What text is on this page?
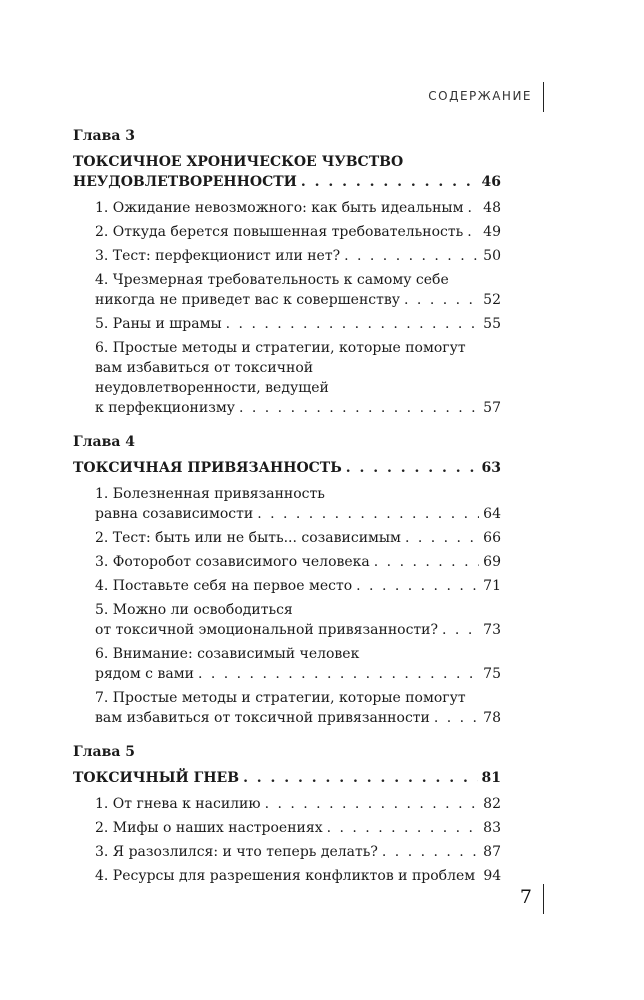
СОДЕРЖАНИЕ
Глава 3
ТОКСИЧНОЕ ХРОНИЧЕСКОЕ ЧУВСТВО
НЕУДОВЛЕТВОРЕННОСТИ . . .	46
1. Ожидание невозможного: как быть идеальным . . . 48
2. Откуда берется повышенная требовательность . . . 49
3. Тест: перфекционист или нет? . . .	50
4. Чрезмерная требовательность к самому себе
никогда не приведет вас к совершенству . . .	52
5. Раны и шрамы . . .	55
6. Простые методы и стратегии, которые помогут
вам избавиться от токсичной
неудовлетворенности, ведущей
к перфекционизму . . .	57
Глава 4
ТОКСИЧНАЯ ПРИВЯЗАННОСТЬ . . .	63
1. Болезненная привязанность
равна созависимости . . .	64
2. Тест: быть или не быть... созависимым . . .	66
3. Фоторобот созависимого человека . . .	69
4. Поставьте себя на первое место . . .	71
5. Можно ли освободиться
от токсичной эмоциональной привязанности? . . .	73
6. Внимание: созависимый человек
рядом с вами . . .	75
7. Простые методы и стратегии, которые помогут
вам избавиться от токсичной привязанности . . .	78
Глава 5
ТОКСИЧНЫЙ ГНЕВ . . .	81
1. От гнева к насилию . . .	82
2. Мифы о наших настроениях . . .	83
3. Я разозлился: и что теперь делать? . . .	87
4. Ресурсы для разрешения конфликтов и проблем 94
7
